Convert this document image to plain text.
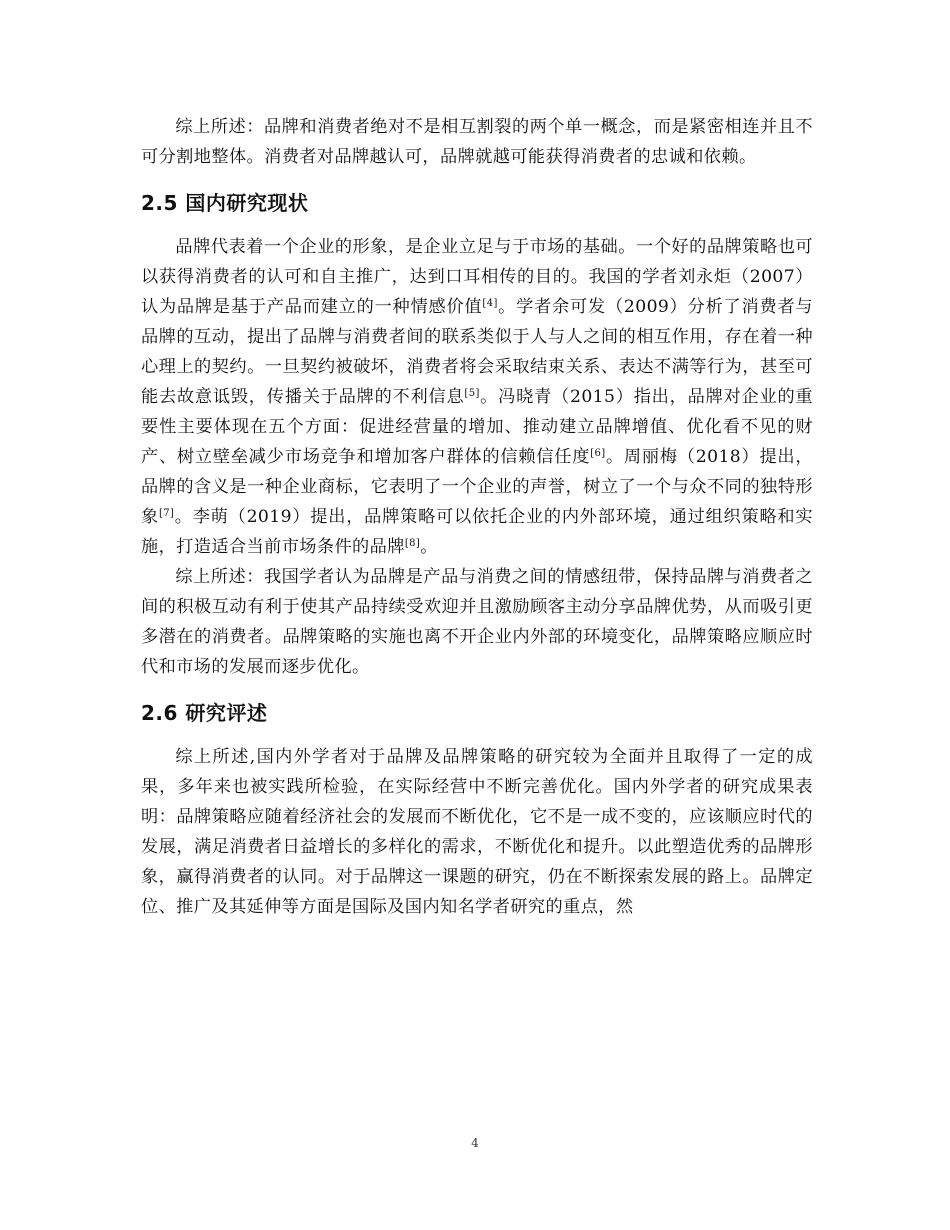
综上所述：品牌和消费者绝对不是相互割裂的两个单一概念，而是紧密相连并且不可分割地整体。消费者对品牌越认可，品牌就越可能获得消费者的忠诚和依赖。

2.5 国内研究现状

品牌代表着一个企业的形象，是企业立足与于市场的基础。一个好的品牌策略也可以获得消费者的认可和自主推广，达到口耳相传的目的。我国的学者刘永炬（2007）认为品牌是基于产品而建立的一种情感价值[4]。学者余可发（2009）分析了消费者与品牌的互动，提出了品牌与消费者间的联系类似于人与人之间的相互作用，存在着一种心理上的契约。一旦契约被破坏，消费者将会采取结束关系、表达不满等行为，甚至可能去故意诋毁，传播关于品牌的不利信息[5]。冯晓青（2015）指出，品牌对企业的重要性主要体现在五个方面：促进经营量的增加、推动建立品牌增值、优化看不见的财产、树立壁垒减少市场竞争和增加客户群体的信赖信任度[6]。周丽梅（2018）提出，品牌的含义是一种企业商标，它表明了一个企业的声誉，树立了一个与众不同的独特形象[7]。李萌（2019）提出，品牌策略可以依托企业的内外部环境，通过组织策略和实施，打造适合当前市场条件的品牌[8]。

综上所述：我国学者认为品牌是产品与消费之间的情感纽带，保持品牌与消费者之间的积极互动有利于使其产品持续受欢迎并且激励顾客主动分享品牌优势，从而吸引更多潜在的消费者。品牌策略的实施也离不开企业内外部的环境变化，品牌策略应顺应时代和市场的发展而逐步优化。

2.6 研究评述

综上所述,国内外学者对于品牌及品牌策略的研究较为全面并且取得了一定的成果，多年来也被实践所检验，在实际经营中不断完善优化。国内外学者的研究成果表明：品牌策略应随着经济社会的发展而不断优化，它不是一成不变的，应该顺应时代的发展，满足消费者日益增长的多样化的需求，不断优化和提升。以此塑造优秀的品牌形象，赢得消费者的认同。对于品牌这一课题的研究，仍在不断探索发展的路上。品牌定位、推广及其延伸等方面是国际及国内知名学者研究的重点，然

4
